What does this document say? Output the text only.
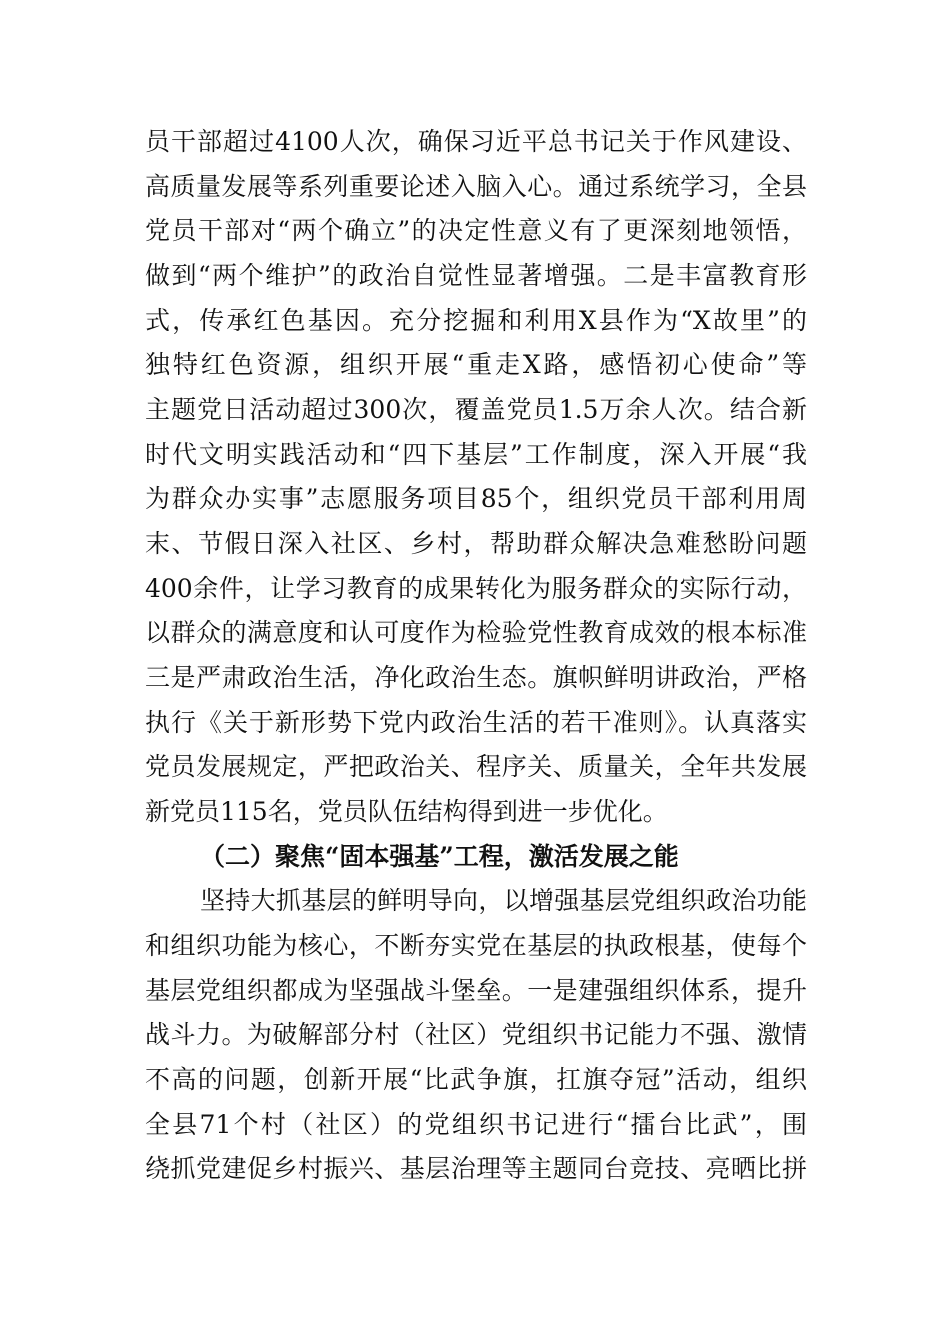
员干部超过4100人次，确保习近平总书记关于作风建设、
高质量发展等系列重要论述入脑入心。通过系统学习，全县
党员干部对“两个确立”的决定性意义有了更深刻地领悟，
做到“两个维护”的政治自觉性显著增强。二是丰富教育形
式，传承红色基因。充分挖掘和利用X县作为“X故里”的
独特红色资源，组织开展“重走X路，感悟初心使命”等
主题党日活动超过300次，覆盖党员1.5万余人次。结合新
时代文明实践活动和“四下基层”工作制度，深入开展“我
为群众办实事”志愿服务项目85个，组织党员干部利用周
末、节假日深入社区、乡村，帮助群众解决急难愁盼问题
400余件，让学习教育的成果转化为服务群众的实际行动，
以群众的满意度和认可度作为检验党性教育成效的根本标准
三是严肃政治生活，净化政治生态。旗帜鲜明讲政治，严格
执行《关于新形势下党内政治生活的若干准则》。认真落实
党员发展规定，严把政治关、程序关、质量关，全年共发展
新党员115名，党员队伍结构得到进一步优化。
（二）聚焦“固本强基”工程，激活发展之能
坚持大抓基层的鲜明导向，以增强基层党组织政治功能
和组织功能为核心，不断夯实党在基层的执政根基，使每个
基层党组织都成为坚强战斗堡垒。一是建强组织体系，提升
战斗力。为破解部分村（社区）党组织书记能力不强、激情
不高的问题，创新开展“比武争旗，扛旗夺冠”活动，组织
全县71个村（社区）的党组织书记进行“擂台比武”，围
绕抓党建促乡村振兴、基层治理等主题同台竞技、亮晒比拼
